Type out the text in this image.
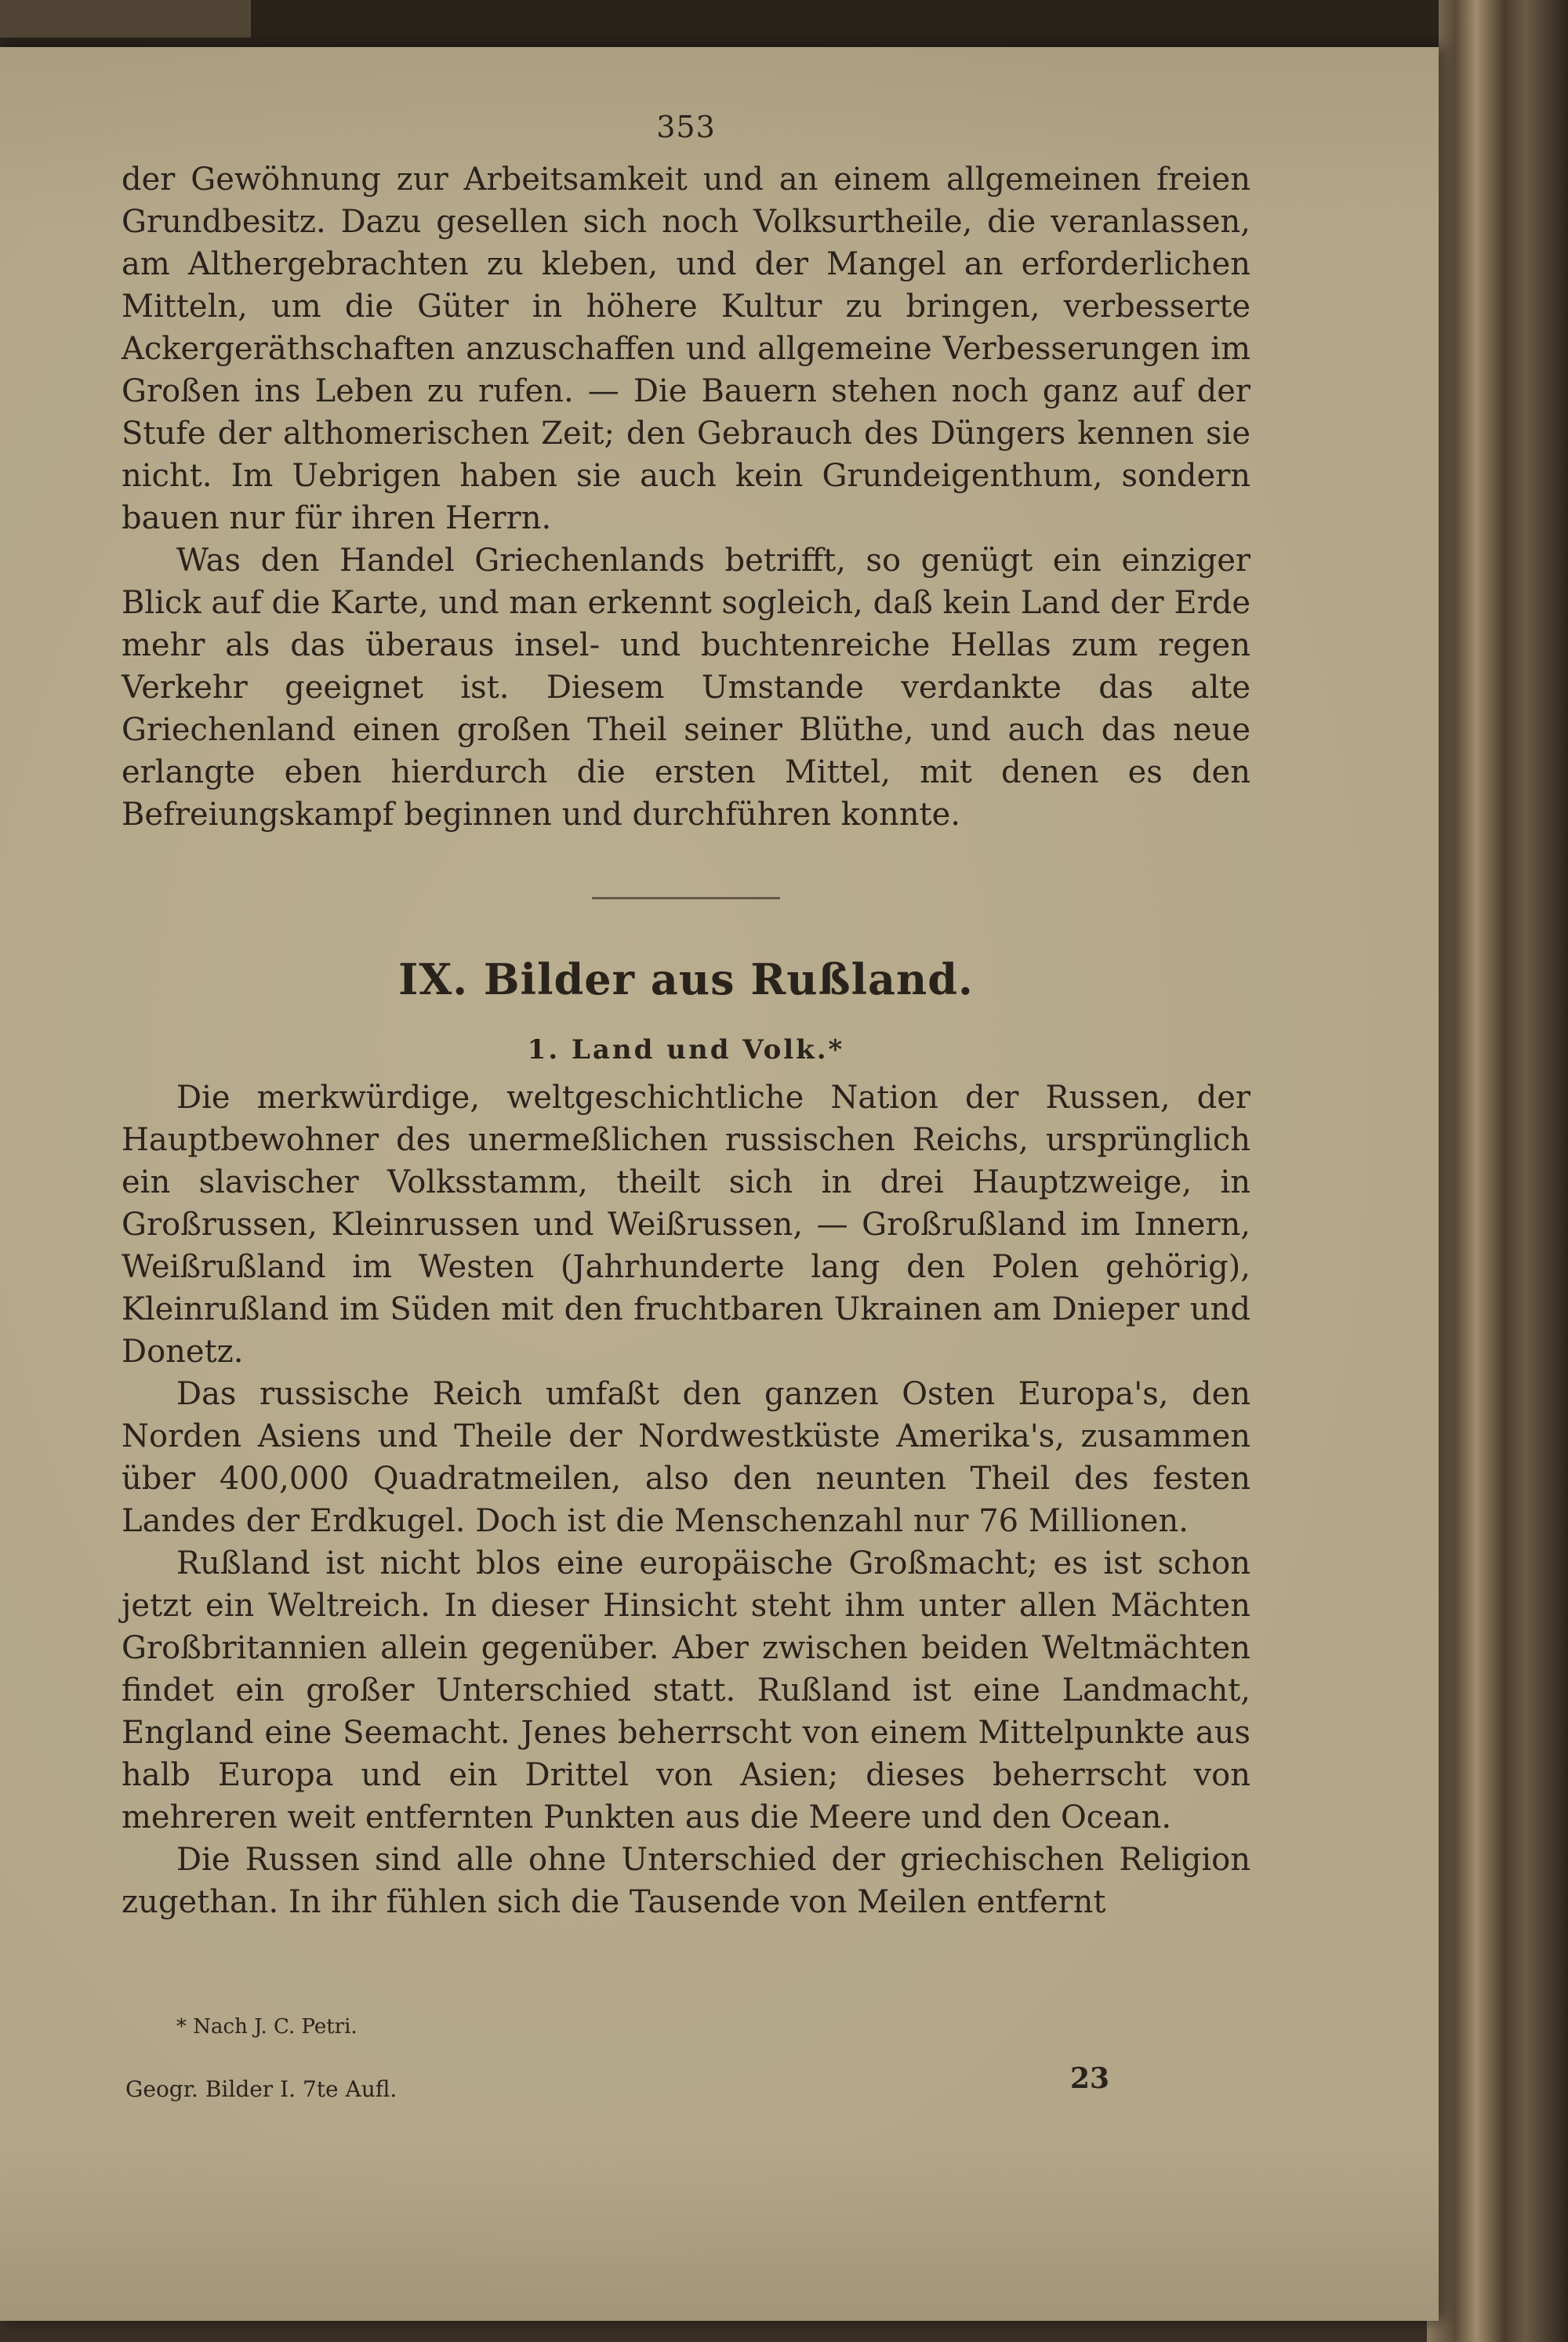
353

der Gewöhnung zur Arbeitsamkeit und an einem allgemeinen freien Grundbesitz. Dazu gesellen sich noch Volksurtheile, die veranlassen, am Althergebrachten zu kleben, und der Mangel an erforderlichen Mitteln, um die Güter in höhere Kultur zu bringen, verbesserte Ackergeräthschaften anzuschaffen und allgemeine Verbesserungen im Großen ins Leben zu rufen. — Die Bauern stehen noch ganz auf der Stufe der althomerischen Zeit; den Gebrauch des Düngers kennen sie nicht. Im Uebrigen haben sie auch kein Grundeigenthum, sondern bauen nur für ihren Herrn.

Was den Handel Griechenlands betrifft, so genügt ein einziger Blick auf die Karte, und man erkennt sogleich, daß kein Land der Erde mehr als das überaus insel- und buchtenreiche Hellas zum regen Verkehr geeignet ist. Diesem Umstande verdankte das alte Griechenland einen großen Theil seiner Blüthe, und auch das neue erlangte eben hierdurch die ersten Mittel, mit denen es den Befreiungskampf beginnen und durchführen konnte.

IX. Bilder aus Rußland.
1. Land und Volk.*

Die merkwürdige, weltgeschichtliche Nation der Russen, der Hauptbewohner des unermeßlichen russischen Reichs, ursprünglich ein slavischer Volksstamm, theilt sich in drei Hauptzweige, in Großrussen, Kleinrussen und Weißrussen, — Großrußland im Innern, Weißrußland im Westen (Jahrhunderte lang den Polen gehörig), Kleinrußland im Süden mit den fruchtbaren Ukrainen am Dnieper und Donetz.

Das russische Reich umfaßt den ganzen Osten Europa's, den Norden Asiens und Theile der Nordwestküste Amerika's, zusammen über 400,000 Quadratmeilen, also den neunten Theil des festen Landes der Erdkugel. Doch ist die Menschenzahl nur 76 Millionen.

Rußland ist nicht blos eine europäische Großmacht; es ist schon jetzt ein Weltreich. In dieser Hinsicht steht ihm unter allen Mächten Großbritannien allein gegenüber. Aber zwischen beiden Weltmächten findet ein großer Unterschied statt. Rußland ist eine Landmacht, England eine Seemacht. Jenes beherrscht von einem Mittelpunkte aus halb Europa und ein Drittel von Asien; dieses beherrscht von mehreren weit entfernten Punkten aus die Meere und den Ocean.

Die Russen sind alle ohne Unterschied der griechischen Religion zugethan. In ihr fühlen sich die Tausende von Meilen entfernt

* Nach J. C. Petri.
Geogr. Bilder I. 7te Aufl.	23
